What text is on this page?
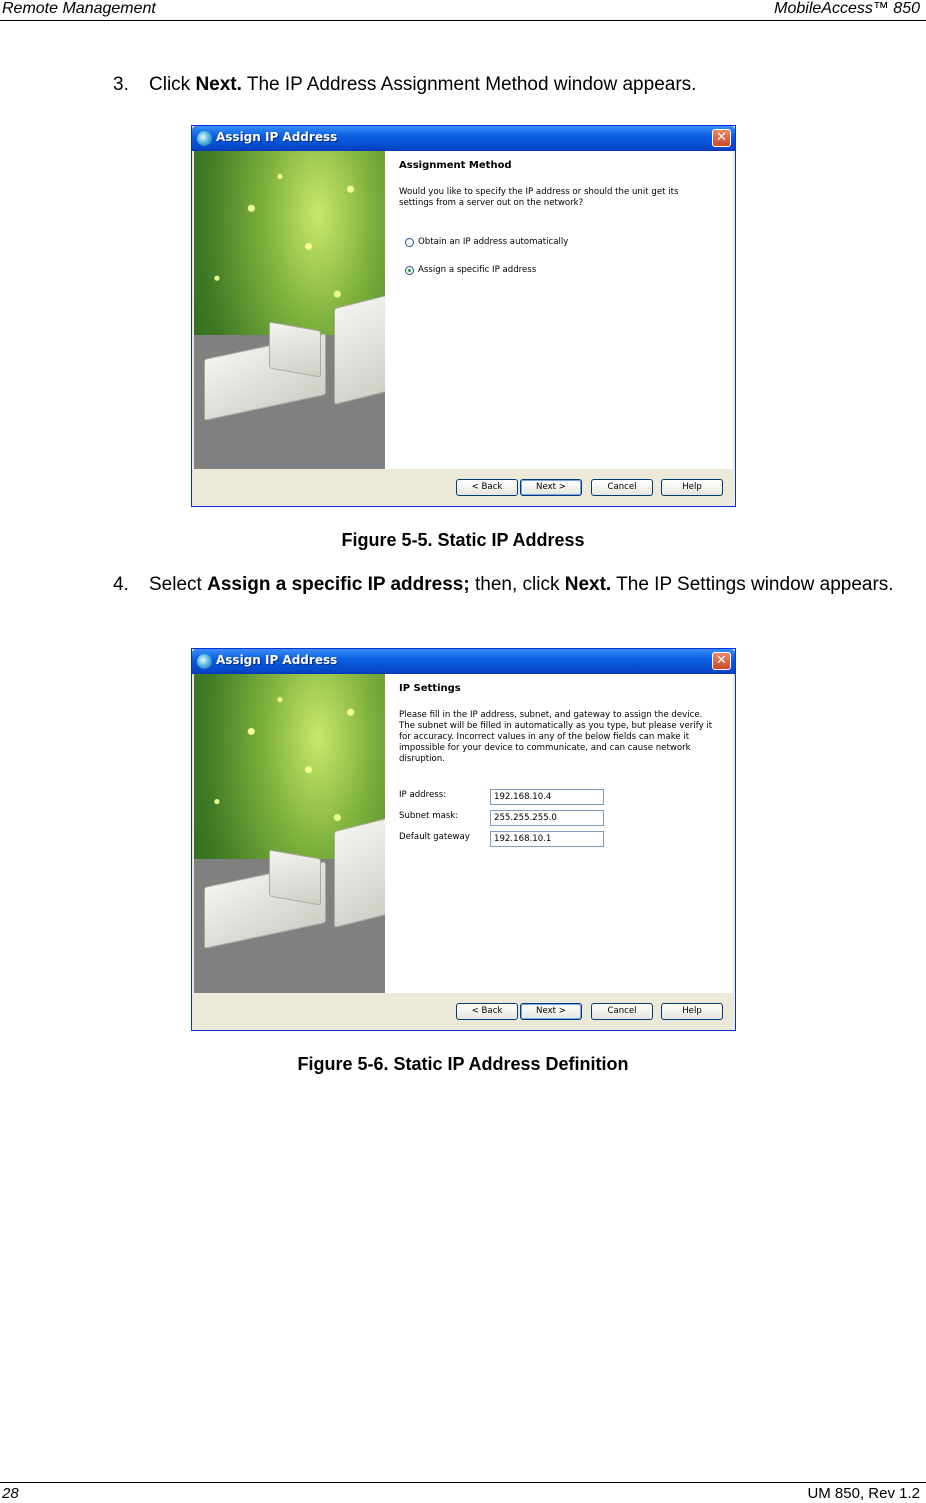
Remote Management	MobileAccess™ 850
3. Click Next. The IP Address Assignment Method window appears.
Assign IP Address	✕
Assignment Method
Would you like to specify the IP address or should the unit get its settings from a server out on the network?
Obtain an IP address automatically
Assign a specific IP address
< Back	Next >	Cancel	Help
Figure 5-5. Static IP Address
4. Select Assign a specific IP address; then, click Next. The IP Settings window appears.
Assign IP Address	✕
IP Settings
Please fill in the IP address, subnet, and gateway to assign the device. The subnet will be filled in automatically as you type, but please verify it for accuracy. Incorrect values in any of the below fields can make it impossible for your device to communicate, and can cause network disruption.
IP address:	192.168.10.4
Subnet mask:	255.255.255.0
Default gateway	192.168.10.1
< Back	Next >	Cancel	Help
Figure 5-6. Static IP Address Definition
28	UM 850, Rev 1.2
